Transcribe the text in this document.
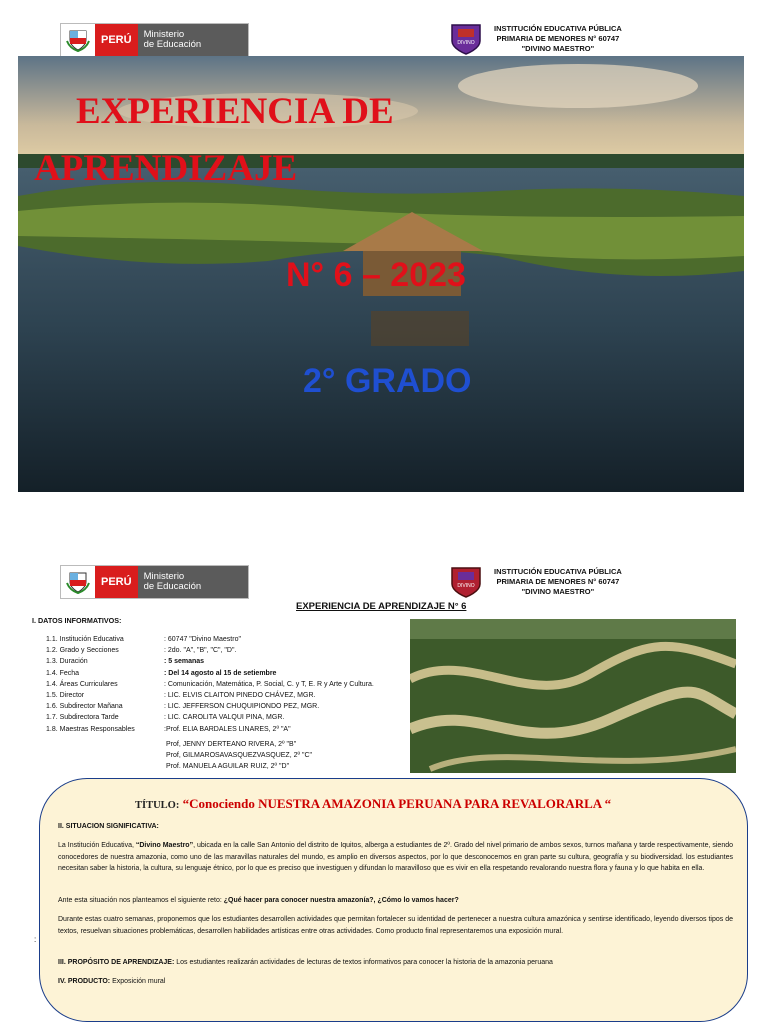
PERÚ	Ministerio
de Educación	DIVINO
INSTITUCIÓN EDUCATIVA PÚBLICA
PRIMARIA DE MENORES N° 60747
"DIVINO MAESTRO"
EXPERIENCIA DE
APRENDIZAJE
N° 6 – 2023
2° GRADO
PERÚ	Ministerio
de Educación	DIVINO
INSTITUCIÓN EDUCATIVA PÚBLICA
PRIMARIA DE MENORES N° 60747
"DIVINO MAESTRO"
EXPERIENCIA DE APRENDIZAJE N° 6
I. DATOS INFORMATIVOS:
1.1. Institución Educativa	: 60747 "Divino Maestro"
1.2. Grado y Secciones	: 2do. "A", "B", "C", "D".
1.3. Duración	: 5 semanas
1.4. Fecha	: Del 14 agosto al 15 de setiembre
1.4. Áreas Curriculares	: Comunicación, Matemática, P. Social, C. y T, E. R y Arte y Cultura.
1.5. Director	: LIC. ELVIS CLAITON PINEDO CHÁVEZ, MGR.
1.6. Subdirector Mañana	: LIC. JEFFERSON CHUQUIPIONDO PEZ, MGR.
1.7. Subdirectora Tarde	: LIC. CAROLITA VALQUI PINA, MGR.
1.8. Maestras Responsables	:Prof. ELIA BARDALES LINARES, 2º "A"
Prof, JENNY DERTEANO RIVERA, 2º "B"
Prof, GILMAROSAVASQUEZVASQUEZ, 2º "C"
Prof. MANUELA AGUILAR RUIZ, 2º "D"
TÍTULO: “Conociendo NUESTRA AMAZONIA PERUANA PARA REVALORARLA “
II. SITUACION SIGNIFICATIVA:
La Institución Educativa, “Divino Maestro”, ubicada en la calle San Antonio del distrito de Iquitos, alberga a estudiantes de 2º. Grado del nivel primario de ambos sexos, turnos mañana y tarde respectivamente, siendo conocedores de nuestra amazonia, como uno de las maravillas naturales del mundo, es amplio en diversos aspectos, por lo que desconocemos en gran parte su cultura, geografía y su biodiversidad. los estudiantes necesitan saber la historia, la cultura, su lenguaje étnico, por lo que es preciso que investiguen y difundan lo maravilloso que es vivir en ella respetando revalorando nuestra flora y fauna y lo que habita en ella.
Ante esta situación nos planteamos el siguiente reto: ¿Qué hacer para conocer nuestra amazonía?, ¿Cómo lo vamos hacer?
Durante estas cuatro semanas, proponemos que los estudiantes desarrollen actividades que permitan fortalecer su identidad de pertenecer a nuestra cultura amazónica y sentirse identificado, leyendo diversos tipos de textos, resuelvan situaciones problemáticas, desarrollen habilidades artísticas entre otras actividades. Como producto final representaremos una exposición mural.
:
III. PROPÓSITO DE APRENDIZAJE: Los estudiantes realizarán actividades de lecturas de textos informativos para conocer la historia de la amazonia peruana
IV. PRODUCTO: Exposición mural
